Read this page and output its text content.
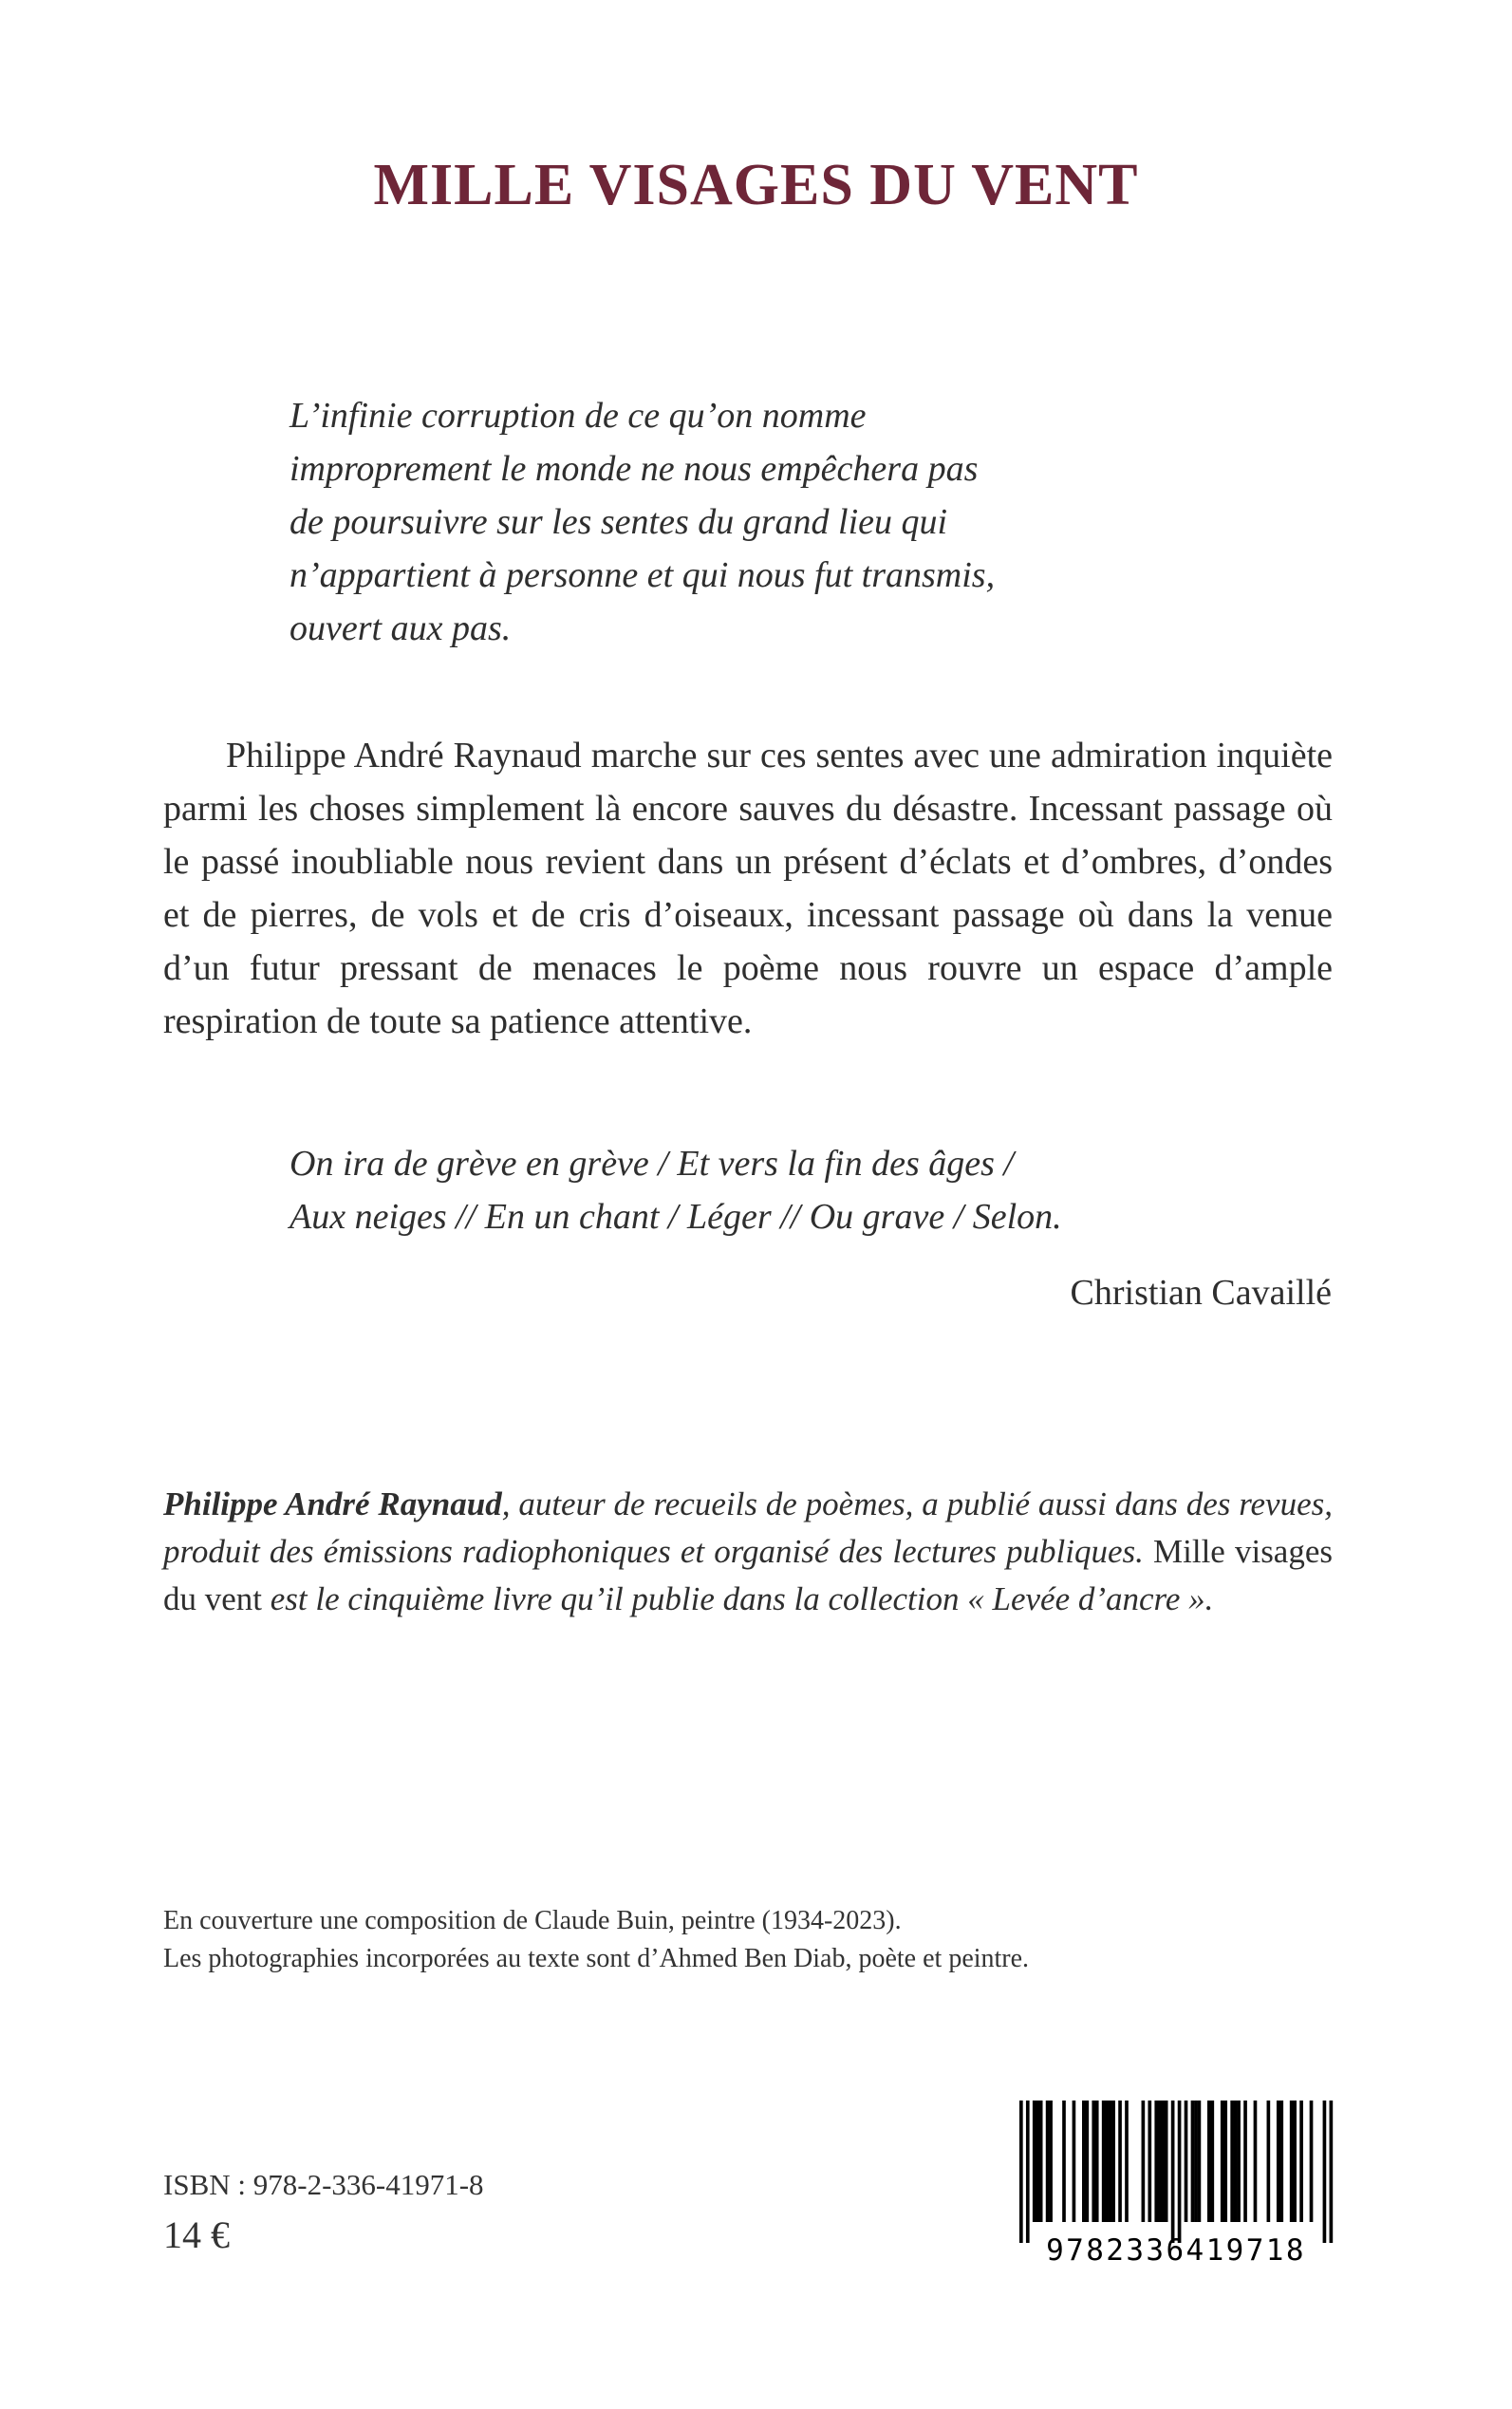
MILLE VISAGES DU VENT
L’infinie corruption de ce qu’on nomme
improprement le monde ne nous empêchera pas
de poursuivre sur les sentes du grand lieu qui
n’appartient à personne et qui nous fut transmis,
ouvert aux pas.

Philippe André Raynaud marche sur ces sentes avec une admiration inquiète parmi les choses simplement là encore sauves du désastre. Incessant passage où le passé inoubliable nous revient dans un présent d’éclats et d’ombres, d’ondes et de pierres, de vols et de cris d’oiseaux, incessant passage où dans la venue d’un futur pressant de menaces le poème nous rouvre un espace d’ample respiration de toute sa patience attentive.

On ira de grève en grève / Et vers la fin des âges /
Aux neiges // En un chant / Léger // Ou grave / Selon.
Christian Cavaillé

Philippe André Raynaud, auteur de recueils de poèmes, a publié aussi dans des revues, produit des émissions radiophoniques et organisé des lectures publiques. Mille visages du vent est le cinquième livre qu’il publie dans la collection « Levée d’ancre ».

En couverture une composition de Claude Buin, peintre (1934-2023).
Les photographies incorporées au texte sont d’Ahmed Ben Diab, poète et peintre.
ISBN : 978-2-336-41971-8
14 €	9782336419718
